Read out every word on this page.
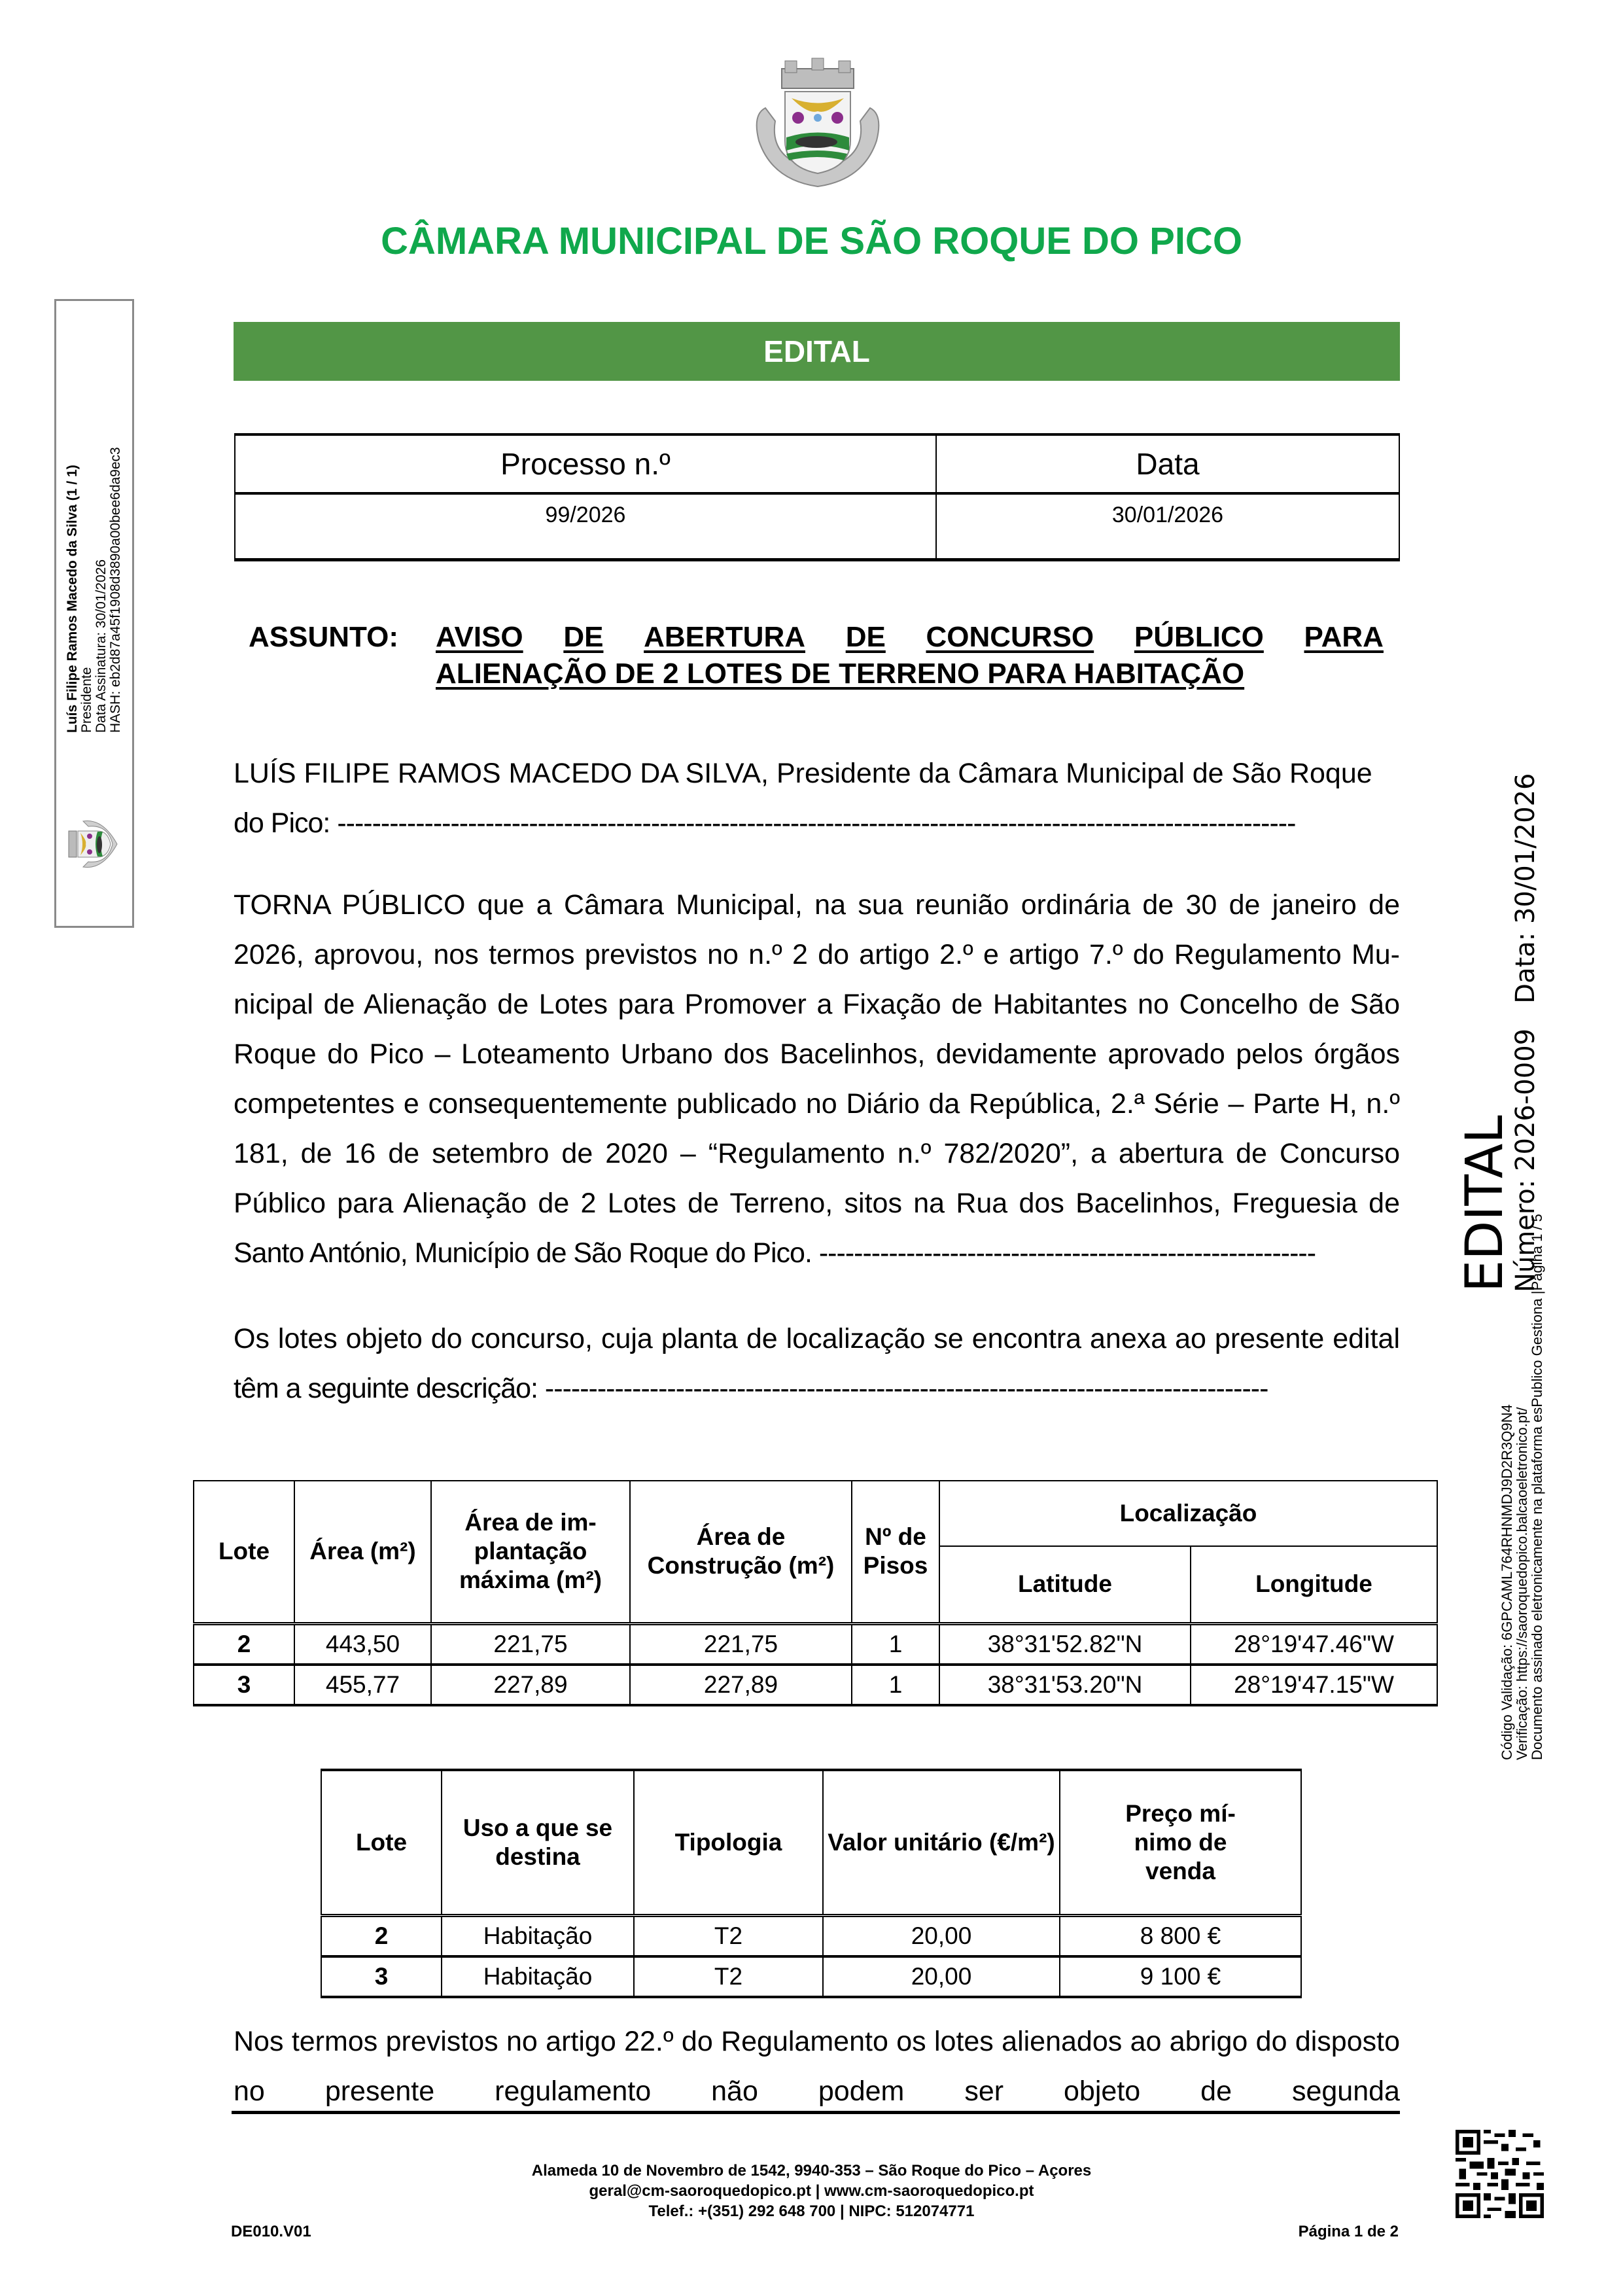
CÂMARA MUNICIPAL DE SÃO ROQUE DO PICO
EDITAL
Processo n.º	Data
99/2026	30/01/2026
ASSUNTO: AVISO DE ABERTURA DE CONCURSO PÚBLICO PARA
ALIENAÇÃO DE 2 LOTES DE TERRENO PARA HABITAÇÃO
LUÍS FILIPE RAMOS MACEDO DA SILVA, Presidente da Câmara Municipal de São Roque
do Pico: --------------------------------------------------------------------------------------------------------------
TORNA PÚBLICO que a Câmara Municipal, na sua reunião ordinária de 30 de janeiro de
2026, aprovou, nos termos previstos no n.º 2 do artigo 2.º e artigo 7.º do Regulamento Mu-
nicipal de Alienação de Lotes para Promover a Fixação de Habitantes no Concelho de São
Roque do Pico – Loteamento Urbano dos Bacelinhos, devidamente aprovado pelos órgãos
competentes e consequentemente publicado no Diário da República, 2.ª Série – Parte H, n.º
181, de 16 de setembro de 2020 – “Regulamento n.º 782/2020”, a abertura de Concurso
Público para Alienação de 2 Lotes de Terreno, sitos na Rua dos Bacelinhos, Freguesia de
Santo António, Município de São Roque do Pico. ---------------------------------------------------------
Os lotes objeto do concurso, cuja planta de localização se encontra anexa ao presente edital
têm a seguinte descrição: -----------------------------------------------------------------------------------
Lote	Área (m²)	Área de im-plantação máxima (m²)	Área de Construção (m²)	Nº de Pisos	Localização	
					Latitude	Longitude
2	443,50	221,75	221,75	1	38°31'52.82"N	28°19'47.46"W
3	455,77	227,89	227,89	1	38°31'53.20"N	28°19'47.15"W
Lote	Uso a que se destina	Tipologia	Valor unitário (€/m²)	Preço mí-nimo de venda
2	Habitação	T2	20,00	8 800 €
3	Habitação	T2	20,00	9 100 €
Nos termos previstos no artigo 22.º do Regulamento os lotes alienados ao abrigo do disposto
no presente regulamento não podem ser objeto de segunda
Alameda 10 de Novembro de 1542, 9940-353 – São Roque do Pico – Açores
geral@cm-saoroquedopico.pt | www.cm-saoroquedopico.pt
Telef.: +(351) 292 648 700 | NIPC: 512074771
DE010.V01	Página 1 de 2
Luís Filipe Ramos Macedo da Silva (1 / 1) Presidente Data Assinatura: 30/01/2026 HASH: eb2d87a45f1908d3890a00bee6da9ec3
EDITAL
Número: 2026-0009   Data: 30/01/2026
Código Validação: 6GPCAML764RHNMDJ9D2R3Q9N4
Verificação: https://saoroquedopico.balcaoeletronico.pt/
Documento assinado eletronicamente na plataforma esPublico Gestiona |Página 1 / 5
